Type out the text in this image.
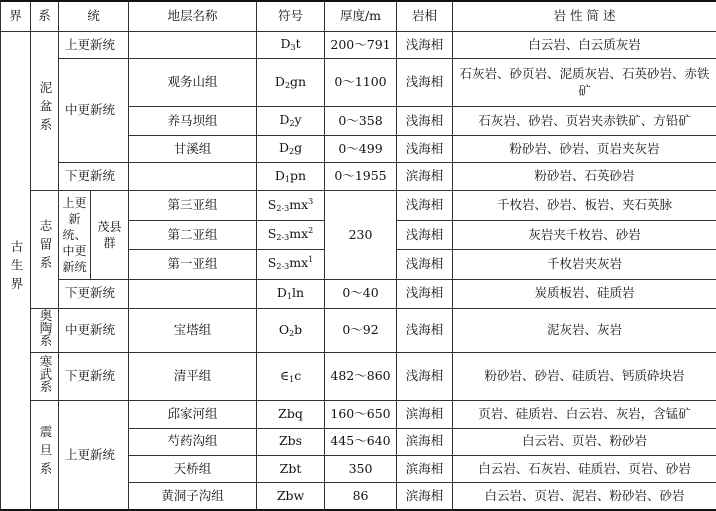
界	系	统		地层名称	符号	厚度/m	岩相	岩 性 简 述
古生界	泥盆系	上更新统			$D_3t$	200～791	浅海相	白云岩、白云质灰岩
		中更新统		观务山组	$D_2gn$	0～1100	浅海相	石灰岩、砂页岩、泥质灰岩、石英砂岩、赤铁矿
				养马坝组	$D_2y$	0～358	浅海相	石灰岩、砂岩、页岩夹赤铁矿、方铅矿
				甘溪组	$D_2g$	0～499	浅海相	粉砂岩、砂岩、页岩夹灰岩
		下更新统			$D_1pn$	0～1955	滨海相	粉砂岩、石英砂岩
	志留系	上更新统、中更新统	茂县群	第三亚组	$S_{2-3}mx^3$	230	浅海相	千枚岩、砂岩、板岩、夹石英脉
				第二亚组	$S_{2-3}mx^2$		浅海相	灰岩夹千枚岩、砂岩
				第一亚组	$S_{2-3}mx^1$		浅海相	千枚岩夹灰岩
		下更新统			$D_1\ln$	0～40	浅海相	炭质板岩、硅质岩
	奥陶系	中更新统		宝塔组	$O_2b$	0～92	浅海相	泥灰岩、灰岩
	寒武系	下更新统		清平组	$\in_1c$	482～860	浅海相	粉砂岩、砂岩、硅质岩、钙质砕块岩
	震旦系	上更新统		邱家河组	Zbq	160～650	滨海相	页岩、硅质岩、白云岩、灰岩，含锰矿
				芍药沟组	Zbs	445～640	滨海相	白云岩、页岩、粉砂岩
				天桥组	Zbt	350	滨海相	白云岩、石灰岩、硅质岩、页岩、砂岩
				黄洞子沟组	Zbw	86	滨海相	白云岩、页岩、泥岩、粉砂岩、砂岩
